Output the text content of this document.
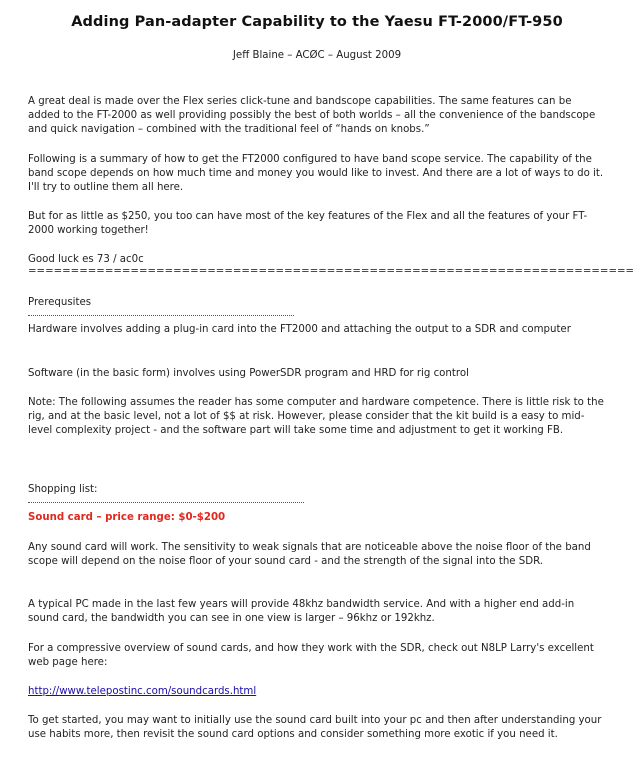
Adding Pan-adapter Capability to the Yaesu FT-2000/FT-950
Jeff Blaine – ACØC – August 2009

A great deal is made over the Flex series click-tune and bandscope capabilities. The same features can be added to the FT-2000 as well providing possibly the best of both worlds – all the convenience of the bandscope and quick navigation – combined with the traditional feel of “hands on knobs.”

Following is a summary of how to get the FT2000 configured to have band scope service. The capability of the band scope depends on how much time and money you would like to invest. And there are a lot of ways to do it. I'll try to outline them all here.

But for as little as $250, you too can have most of the key features of the Flex and all the features of your FT-2000 working together!

Good luck es 73 / ac0c

=======================================================================

Prerequsites

Hardware involves adding a plug-in card into the FT2000 and attaching the output to a SDR and computer

Software (in the basic form) involves using PowerSDR program and HRD for rig control

Note: The following assumes the reader has some computer and hardware competence. There is little risk to the rig, and at the basic level, not a lot of $$ at risk. However, please consider that the kit build is a easy to mid-level complexity project - and the software part will take some time and adjustment to get it working FB.

Shopping list:

Sound card – price range: $0-$200

Any sound card will work. The sensitivity to weak signals that are noticeable above the noise floor of the band scope will depend on the noise floor of your sound card - and the strength of the signal into the SDR.

A typical PC made in the last few years will provide 48khz bandwidth service. And with a higher end add-in sound card, the bandwidth you can see in one view is larger – 96khz or 192khz.

For a compressive overview of sound cards, and how they work with the SDR, check out N8LP Larry's excellent web page here:

http://www.telepostinc.com/soundcards.html

To get started, you may want to initially use the sound card built into your pc and then after understanding your use habits more, then revisit the sound card options and consider something more exotic if you need it.
